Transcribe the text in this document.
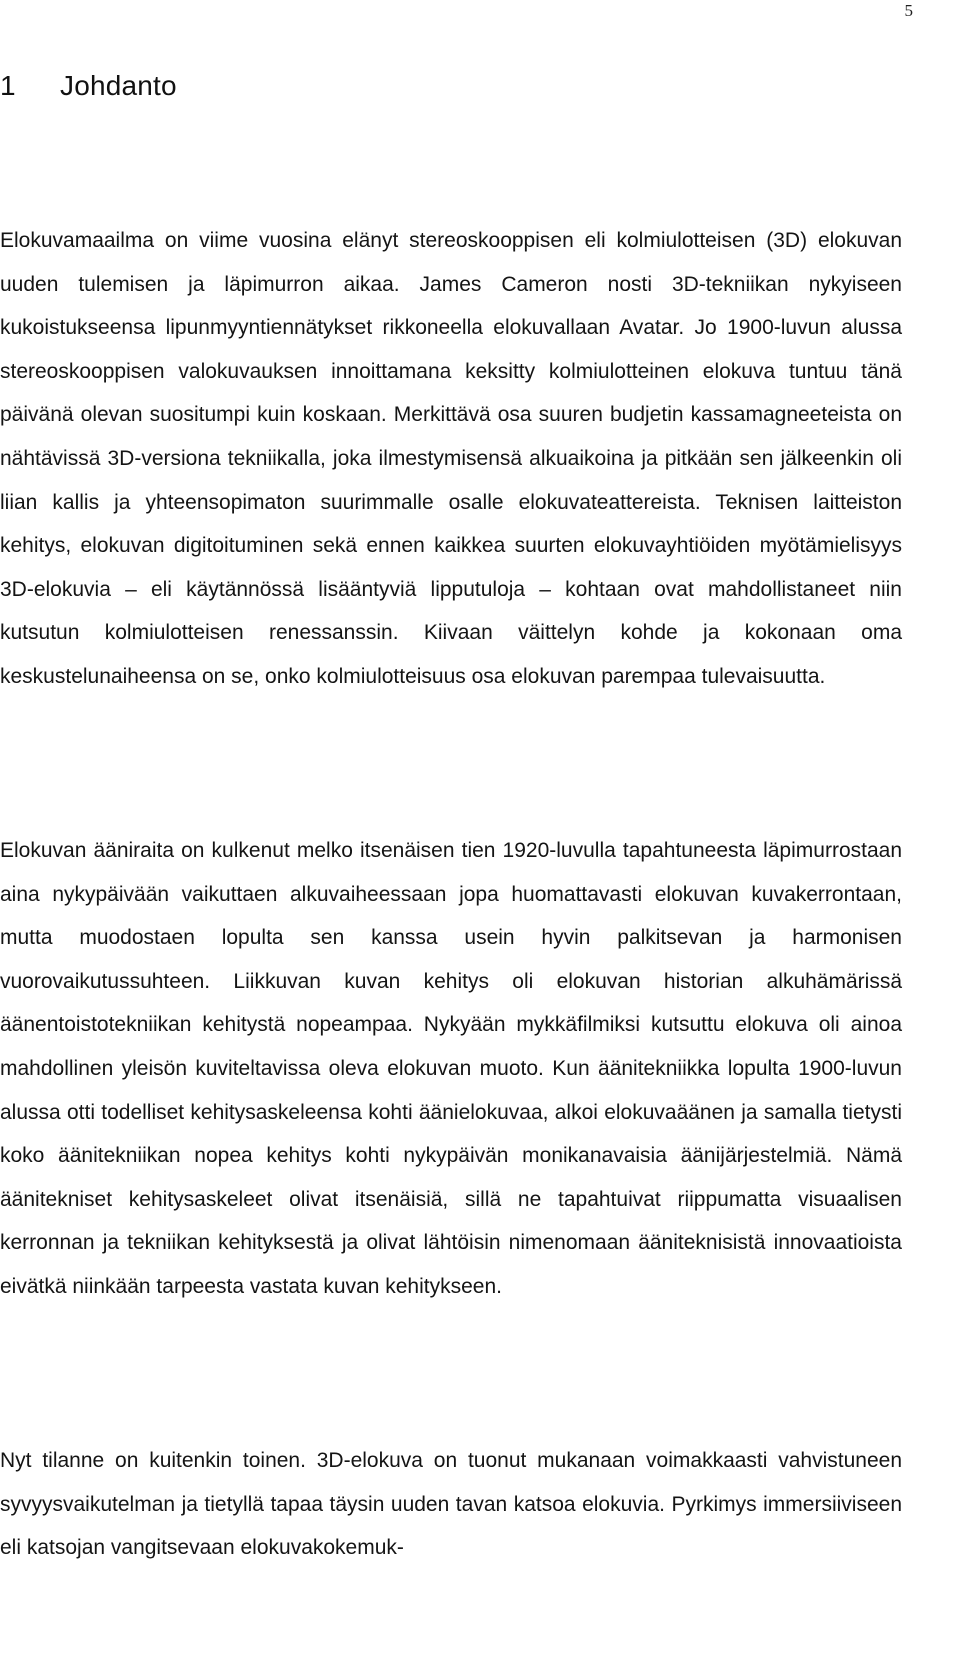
5
1 Johdanto

Elokuvamaailma on viime vuosina elänyt stereoskooppisen eli kolmiulotteisen (3D) elokuvan uuden tulemisen ja läpimurron aikaa. James Cameron nosti 3D-tekniikan nykyiseen kukoistukseensa lipunmyyntiennätykset rikkoneella elokuvallaan Avatar. Jo 1900-luvun alussa stereoskooppisen valokuvauksen innoittamana keksitty kolmiulotteinen elokuva tuntuu tänä päivänä olevan suositumpi kuin koskaan. Merkittävä osa suuren budjetin kassamagneeteista on nähtävissä 3D-versiona tekniikalla, joka ilmestymisensä alkuaikoina ja pitkään sen jälkeenkin oli liian kallis ja yhteensopimaton suurimmalle osalle elokuvateattereista. Teknisen laitteiston kehitys, elokuvan digitoituminen sekä ennen kaikkea suurten elokuvayhtiöiden myötämielisyys 3D-elokuvia – eli käytännössä lisääntyviä lipputuloja – kohtaan ovat mahdollistaneet niin kutsutun kolmiulotteisen renessanssin. Kiivaan väittelyn kohde ja kokonaan oma keskustelunaiheensa on se, onko kolmiulotteisuus osa elokuvan parempaa tulevaisuutta.

Elokuvan ääniraita on kulkenut melko itsenäisen tien 1920-luvulla tapahtuneesta läpimurrostaan aina nykypäivään vaikuttaen alkuvaiheessaan jopa huomattavasti elokuvan kuvakerrontaan, mutta muodostaen lopulta sen kanssa usein hyvin palkitsevan ja harmonisen vuorovaikutussuhteen. Liikkuvan kuvan kehitys oli elokuvan historian alkuhämärissä äänentoistotekniikan kehitystä nopeampaa. Nykyään mykkäfilmiksi kutsuttu elokuva oli ainoa mahdollinen yleisön kuviteltavissa oleva elokuvan muoto. Kun äänitekniikka lopulta 1900-luvun alussa otti todelliset kehitysaskeleensa kohti äänielokuvaa, alkoi elokuvaäänen ja samalla tietysti koko äänitekniikan nopea kehitys kohti nykypäivän monikanavaisia äänijärjestelmiä. Nämä äänitekniset kehitysaskeleet olivat itsenäisiä, sillä ne tapahtuivat riippumatta visuaalisen kerronnan ja tekniikan kehityksestä ja olivat lähtöisin nimenomaan ääniteknisistä innovaatioista eivätkä niinkään tarpeesta vastata kuvan kehitykseen.

Nyt tilanne on kuitenkin toinen. 3D-elokuva on tuonut mukanaan voimakkaasti vahvistuneen syvyysvaikutelman ja tietyllä tapaa täysin uuden tavan katsoa elokuvia. Pyrkimys immersiiviseen eli katsojan vangitsevaan elokuvakokemuk-
